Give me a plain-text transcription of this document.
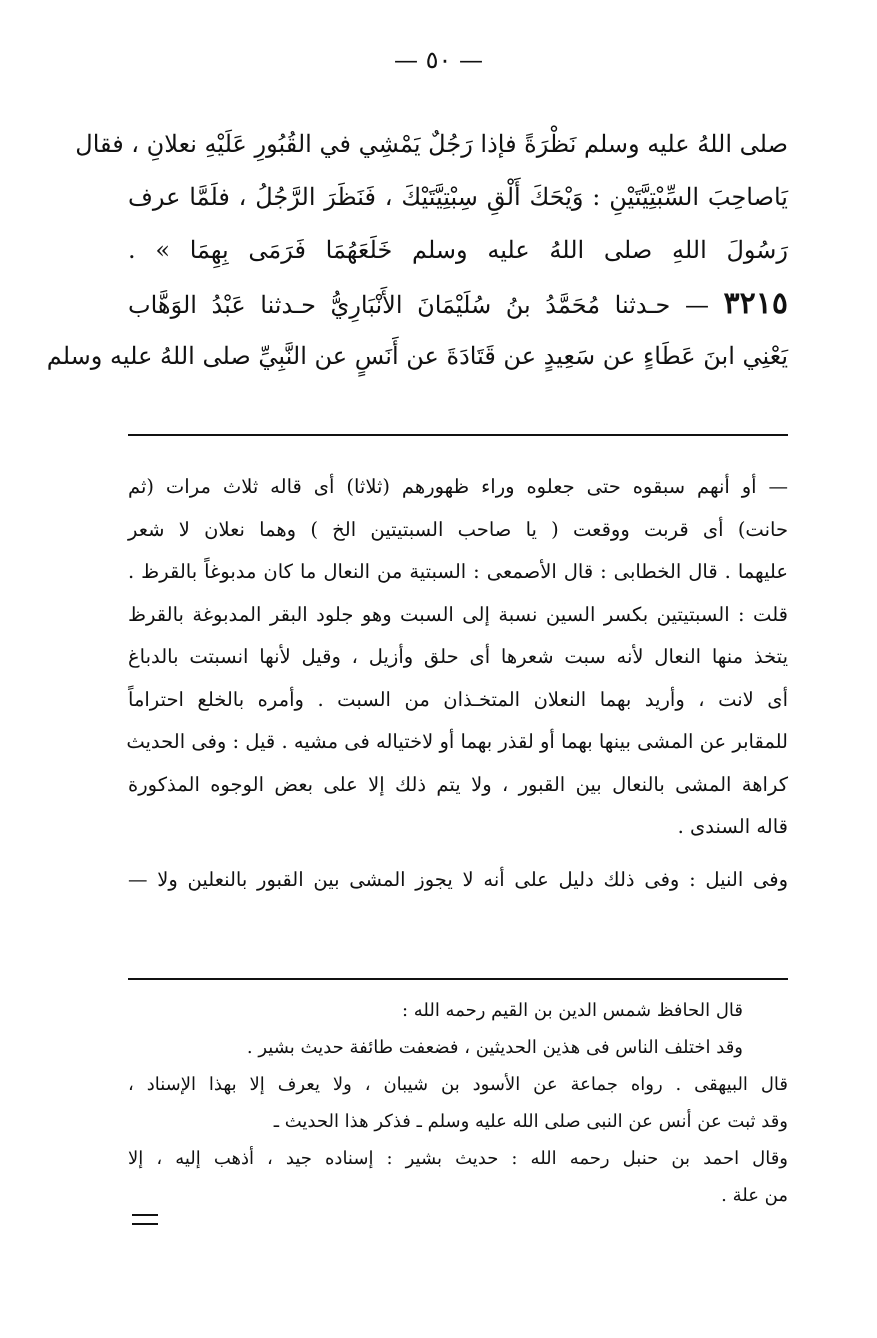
— ٥٠ —
صلى اللهُ عليه وسلم نَظْرَةً فإذا رَجُلٌ يَمْشِي في القُبُورِ عَلَيْهِ نعلانِ ، فقال
يَاصاحِبَ السِّبْتِيَّتَيْنِ : وَيْحَكَ أَلْقِ سِبْتِيَّتَيْكَ ، فَنَظَرَ الرَّجُلُ ، فلَمَّا عرف
رَسُولَ اللهِ صلى اللهُ عليه وسلم خَلَعَهُمَا فَرَمَى بِهِمَا » .
٣٢١٥ — حـدثنا مُحَمَّدُ بنُ سُلَيْمَانَ الأَنْبَارِيُّ حـدثنا عَبْدُ الوَهَّاب
يَعْنِي ابنَ عَطَاءٍ عن سَعِيدٍ عن قَتَادَةَ عن أَنَسٍ عن النَّبِيِّ صلى اللهُ عليه وسلم
— أو أنهم سبقوه حتى جعلوه وراء ظهورهم (ثلاثا) أى قاله ثلاث مرات (ثم
حانت) أى قربت ووقعت ( يا صاحب السبتيتين الخ ) وهما نعلان لا شعر
عليهما . قال الخطابى : قال الأصمعى : السبتية من النعال ما كان مدبوغاً بالقرظ .
قلت : السبتيتين بكسر السين نسبة إلى السبت وهو جلود البقر المدبوغة بالقرظ
يتخذ منها النعال لأنه سبت شعرها أى حلق وأزيل ، وقيل لأنها انسبتت بالدباغ
أى لانت ، وأريد بهما النعلان المتخـذان من السبت . وأمره بالخلع احتراماً
للمقابر عن المشى بينها بهما أو لقذر بهما أو لاختياله فى مشيه . قيل : وفى الحديث
كراهة المشى بالنعال بين القبور ، ولا يتم ذلك إلا على بعض الوجوه المذكورة
قاله السندى .
وفى النيل : وفى ذلك دليل على أنه لا يجوز المشى بين القبور بالنعلين ولا —
قال الحافظ شمس الدين بن القيم رحمه الله :
وقد اختلف الناس فى هذين الحديثين ، فضعفت طائفة حديث بشير .
قال البيهقى . رواه جماعة عن الأسود بن شيبان ، ولا يعرف إلا بهذا الإسناد ،
وقد ثبت عن أنس عن النبى صلى الله عليه وسلم ـ فذكر هذا الحديث ـ
وقال احمد بن حنبل رحمه الله : حديث بشير : إسناده جيد ، أذهب إليه ، إلا
من علة .
